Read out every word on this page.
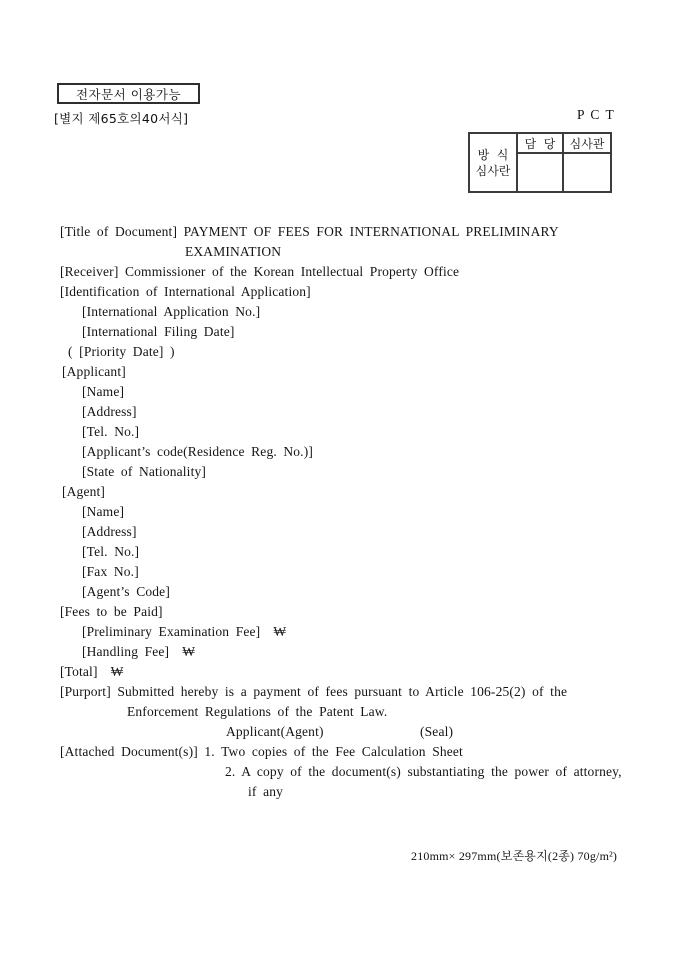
전자문서 이용가능
[별지 제65호의40서식]	P C T
방  식
심사란
담  당	심사관
[Title of Document] PAYMENT OF FEES FOR INTERNATIONAL PRELIMINARY
EXAMINATION
[Receiver] Commissioner of the Korean Intellectual Property Office
[Identification of International Application]
[International Application No.]
[International Filing Date]
( [Priority Date] )
[Applicant]
[Name]
[Address]
[Tel. No.]
[Applicant’s code(Residence Reg. No.)]
[State of Nationality]
[Agent]
[Name]
[Address]
[Tel. No.]
[Fax No.]
[Agent’s Code]
[Fees to be Paid]
[Preliminary Examination Fee]  ₩
[Handling Fee]  ₩
[Total]  ₩
[Purport] Submitted hereby is a payment of fees pursuant to Article 106-25(2) of the
Enforcement Regulations of the Patent Law.
Applicant(Agent)	(Seal)
[Attached Document(s)] 1. Two copies of the Fee Calculation Sheet
2. A copy of the document(s) substantiating the power of attorney,
if any
210mm× 297mm(보존용지(2종) 70g/m²)
